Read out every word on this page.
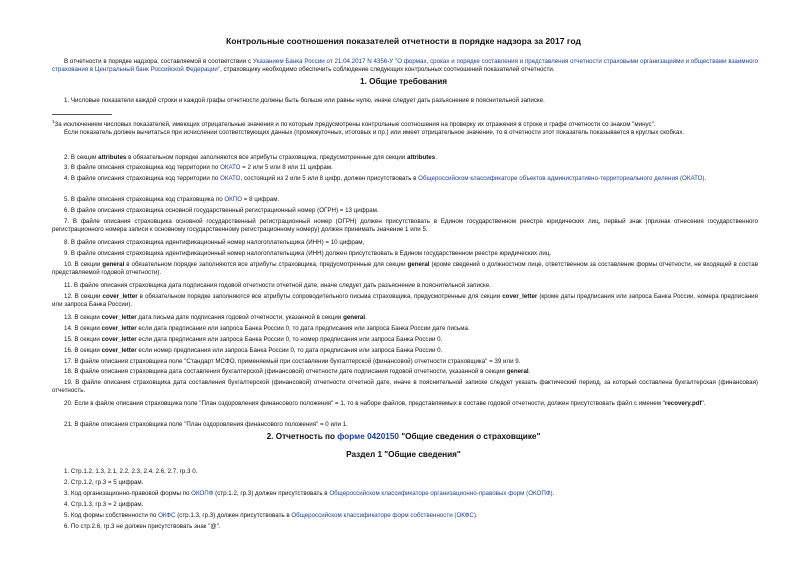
Контрольные соотношения показателей отчетности в порядке надзора за 2017 год
В отчетности в порядке надзора, составляемой в соответствии с Указанием Банка России от 21.04.2017 N 4356-У "О формах, сроках и порядке составления и представления отчетности страховыми организациями и обществами взаимного страхования в Центральный банк Российской Федерации", страховщику необходимо обеспечить соблюдение следующих контрольных соотношений показателей отчетности.
1. Общие требования
1. Числовые показатели каждой строки и каждой графы отчетности должны быть больше или равны нулю, иначе следует дать разъяснение в пояснительной записке.
$^1$За исключением числовых показателей, имеющих отрицательные значения и по которым предусмотрены контрольные соотношения на проверку их отражения в строке и графе отчетности со знаком "минус".
Если показатель должен вычитаться при исчислении соответствующих данных (промежуточных, итоговых и пр.) или имеет отрицательное значение, то в отчетности этот показатель показывается в круглых скобках.
2. В секции attributes в обязательном порядке заполняются все атрибуты страховщика, предусмотренные для секции attributes.
3. В файле описания страховщика код территории по ОКАТО = 2 или 5 или 8 или 11 цифрам.
4. В файле описания страховщика код территории по ОКАТО, состоящий из 2 или 5 или 8 цифр, должен присутствовать в Общероссийском классификаторе объектов административно-территориального деления (ОКАТО).
5. В файле описания страховщика код страховщика по ОКПО = 8 цифрам.
6. В файле описания страховщика основной государственный регистрационный номер (ОГРН) = 13 цифрам.
7. В файле описания страховщика основной государственный регистрационный номер (ОГРН) должен присутствовать в Едином государственном реестре юридических лиц, первый знак (признак отнесения государственного регистрационного номера записи к основному государственному регистрационному номеру) должен принимать значение 1 или 5.
8. В файле описания страховщика идентификационный номер налогоплательщика (ИНН) = 10 цифрам,
9. В файле описания страховщика идентификационный номер налогоплательщика (ИНН) должен присутствовать в Едином государственном реестре юридических лиц.
10. В секции general в обязательном порядке заполняются все атрибуты страховщика, предусмотренные для секции general (кроме сведений о должностном лице, ответственном за составление формы отчетности, не входящей в состав представляемой годовой отчетности).
11. В файле описания страховщика дата подписания годовой отчетности отчетной дате, иначе следует дать разъяснение в пояснительной записке.
12. В секции cover_letter в обязательном порядке заполняются все атрибуты сопроводительного письма страховщика, предусмотренные для секции cover_letter (кроме даты предписания или запроса Банка России, номера предписания или запроса Банка России).
13. В секции cover_letter дата письма дате подписания годовой отчетности, указанной в секции general.
14. В секции cover_letter если дата предписания или запроса Банка России 0, то дата предписания или запроса Банка России дате письма.
15. В секции cover_letter если дата предписания или запроса Банка России 0, то номер предписания или запроса Банка России 0.
16. В секции cover_letter если номер предписания или запроса Банка России 0, то дата предписания или запроса Банка России 0.
17. В файле описания страховщика поле "Стандарт МСФО, применяемый при составлении бухгалтерской (финансовой) отчетности страховщика" = 39 или 9.
18. В файле описания страховщика дата составления бухгалтерской (финансовой) отчетности дате подписания годовой отчетности, указанной в секции general.
19. В файле описания страховщика дата составления бухгалтерской (финансовой) отчетности отчетной дате, иначе в пояснительной записке следует указать фактический период, за который составлена бухгалтерская (финансовая) отчетность.
20. Если в файле описания страховщика поле "План оздоровления финансового положения" = 1, то в наборе файлов, представляемых в составе годовой отчетности, должен присутствовать файл с именем "recovery.pdf".
21. В файле описания страховщика поле "План оздоровления финансового положения" = 0 или 1.
2. Отчетность по форме 0420150 "Общие сведения о страховщике"
Раздел 1 "Общие сведения"
1. Стр.1.2, 1.3, 2.1, 2.2, 2.3, 2.4, 2.6, 2.7, гр.3 0.
2. Стр.1.2, гр.3 = 5 цифрам.
3. Код организационно-правовой формы по ОКОПФ (стр.1.2, гр.3) должен присутствовать в Общероссийском классификаторе организационно-правовых форм (ОКОПФ).
4. Стр.1.3, гр.3 = 2 цифрам.
5. Код формы собственности по ОКФС (стр.1.3, гр.3) должен присутствовать в Общероссийском классификаторе форм собственности (ОКФС).
6. По стр.2.6, гр.3 не должен присутствовать знак "@".
